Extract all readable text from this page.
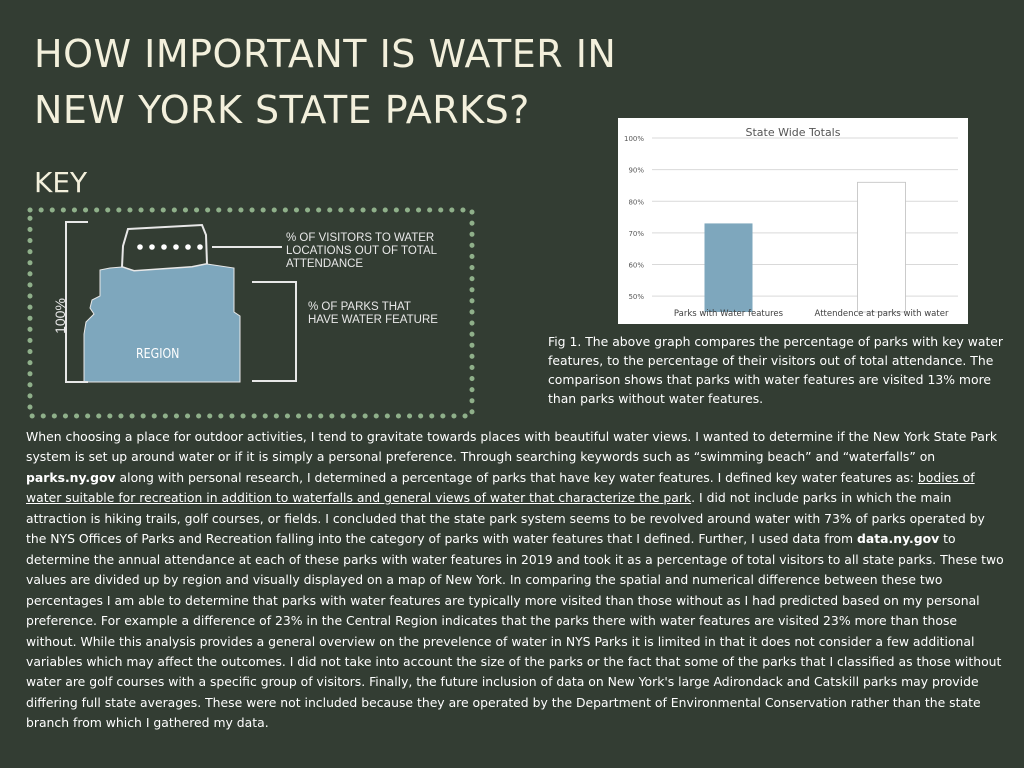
HOW IMPORTANT IS WATER IN
NEW YORK STATE PARKS?
KEY
100%
REGION
% OF VISITORS TO WATER LOCATIONS OUT OF TOTAL ATTENDANCE
% OF PARKS THAT HAVE WATER FEATURE
State Wide Totals
50%
60%
70%
80%
90%
100%
Parks with Water features	Attendence at parks with water

Fig 1. The above graph compares the percentage of parks with key water features, to the percentage of their visitors out of total attendance. The comparison shows that parks with water features are visited 13% more than parks without water features.

When choosing a place for outdoor activities, I tend to gravitate towards places with beautiful water views. I wanted to determine if the New York State Park system is set up around water or if it is simply a personal preference. Through searching keywords such as “swimming beach” and “waterfalls” on parks.ny.gov along with personal research, I determined a percentage of parks that have key water features. I defined key water features as: bodies of water suitable for recreation in addition to waterfalls and general views of water that characterize the park. I did not include parks in which the main attraction is hiking trails, golf courses, or fields. I concluded that the state park system seems to be revolved around water with 73% of parks operated by the NYS Offices of Parks and Recreation falling into the category of parks with water features that I defined. Further, I used data from data.ny.gov to determine the annual attendance at each of these parks with water features in 2019 and took it as a percentage of total visitors to all state parks. These two values are divided up by region and visually displayed on a map of New York. In comparing the spatial and numerical difference between these two percentages I am able to determine that parks with water features are typically more visited than those without as I had predicted based on my personal preference. For example a difference of 23% in the Central Region indicates that the parks there with water features are visited 23% more than those without. While this analysis provides a general overview on the prevelence of water in NYS Parks it is limited in that it does not consider a few additional variables which may affect the outcomes. I did not take into account the size of the parks or the fact that some of the parks that I classified as those without water are golf courses with a specific group of visitors. Finally, the future inclusion of data on New York's large Adirondack and Catskill parks may provide differing full state averages. These were not included because they are operated by the Department of Environmental Conservation rather than the state branch from which I gathered my data.
